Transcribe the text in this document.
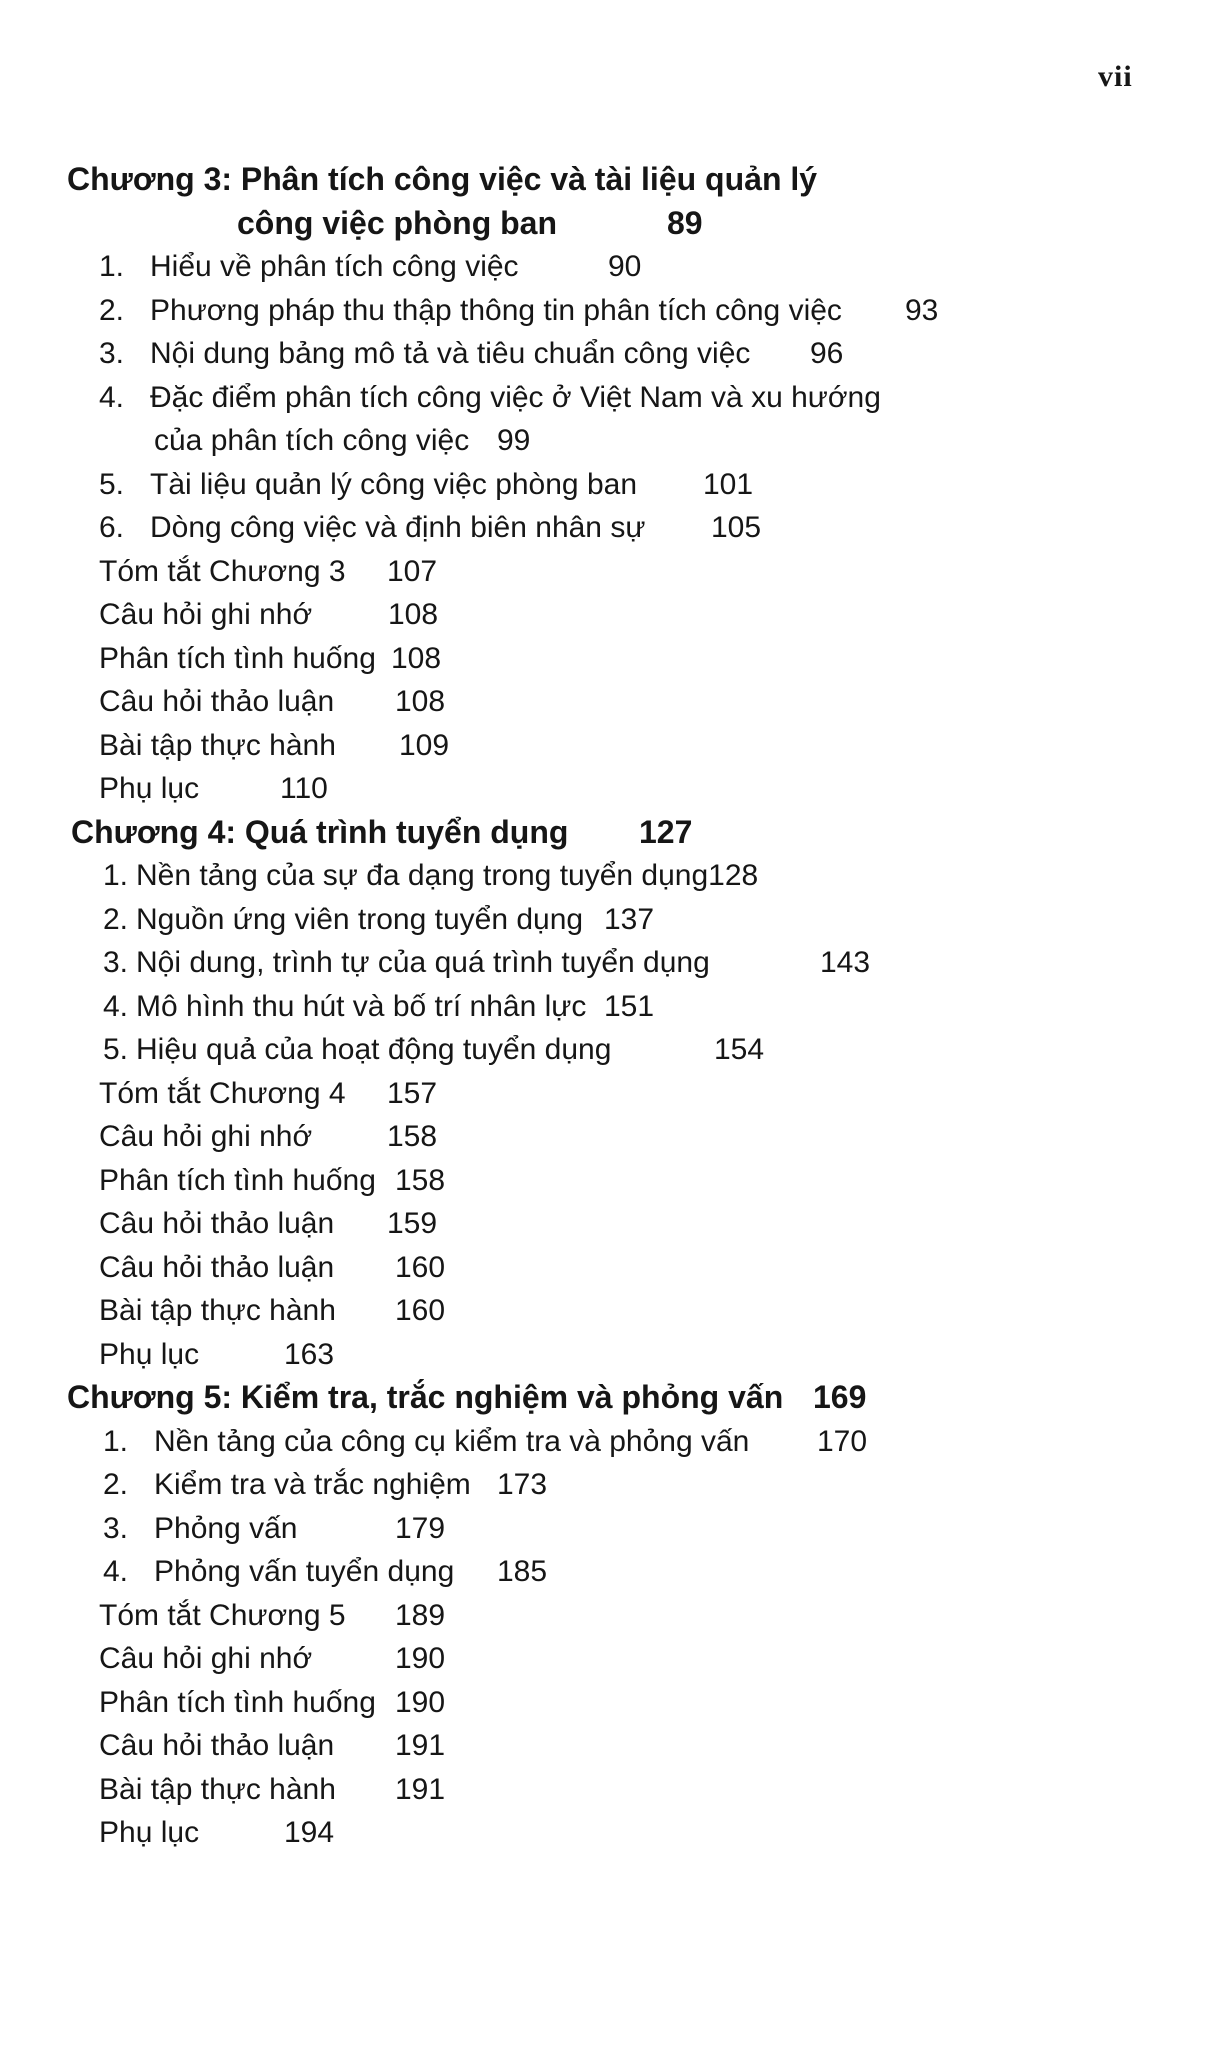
vii
Chương 3: Phân tích công việc và tài liệu quản lý
công việc phòng ban	89
1. Hiểu về phân tích công việc	90
2. Phương pháp thu thập thông tin phân tích công việc	93
3. Nội dung bảng mô tả và tiêu chuẩn công việc	96
4. Đặc điểm phân tích công việc ở Việt Nam và xu hướng
của phân tích công việc 99
5. Tài liệu quản lý công việc phòng ban	101
6. Dòng công việc và định biên nhân sự	105
Tóm tắt Chương 3	107
Câu hỏi ghi nhớ	108
Phân tích tình huống 108
Câu hỏi thảo luận	108
Bài tập thực hành	109
Phụ lục	110
Chương 4: Quá trình tuyển dụng	127
1. Nền tảng của sự đa dạng trong tuyển dụng 128
2. Nguồn ứng viên trong tuyển dụng 137
3. Nội dung, trình tự của quá trình tuyển dụng	143
4. Mô hình thu hút và bố trí nhân lực 151
5. Hiệu quả của hoạt động tuyển dụng	154
Tóm tắt Chương 4	157
Câu hỏi ghi nhớ	158
Phân tích tình huống 158
Câu hỏi thảo luận	159
Câu hỏi thảo luận	160
Bài tập thực hành	160
Phụ lục	163
Chương 5: Kiểm tra, trắc nghiệm và phỏng vấn 169
1. Nền tảng của công cụ kiểm tra và phỏng vấn	170
2. Kiểm tra và trắc nghiệm 173
3. Phỏng vấn	179
4. Phỏng vấn tuyển dụng	185
Tóm tắt Chương 5	189
Câu hỏi ghi nhớ	190
Phân tích tình huống 190
Câu hỏi thảo luận	191
Bài tập thực hành	191
Phụ lục	194
